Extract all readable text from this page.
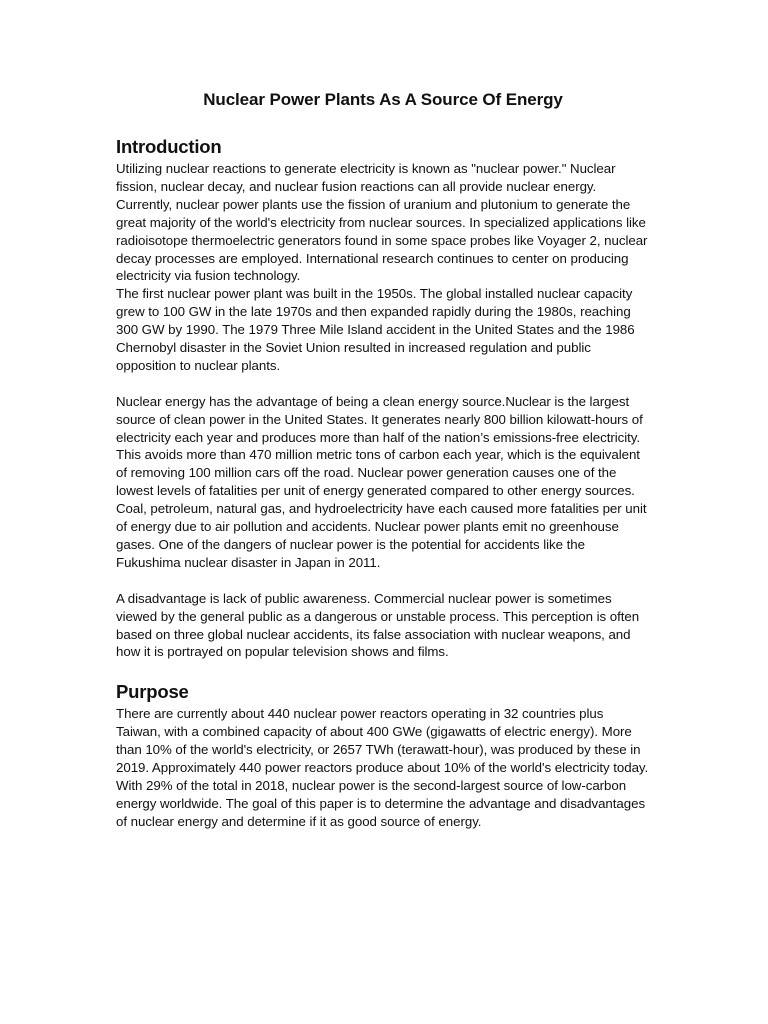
Nuclear Power Plants As A Source Of Energy
Introduction

Utilizing nuclear reactions to generate electricity is known as "nuclear power." Nuclear fission, nuclear decay, and nuclear fusion reactions can all provide nuclear energy. Currently, nuclear power plants use the fission of uranium and plutonium to generate the great majority of the world's electricity from nuclear sources. In specialized applications like radioisotope thermoelectric generators found in some space probes like Voyager 2, nuclear decay processes are employed. International research continues to center on producing electricity via fusion technology.

The first nuclear power plant was built in the 1950s. The global installed nuclear capacity grew to 100 GW in the late 1970s and then expanded rapidly during the 1980s, reaching 300 GW by 1990. The 1979 Three Mile Island accident in the United States and the 1986 Chernobyl disaster in the Soviet Union resulted in increased regulation and public opposition to nuclear plants.

Nuclear energy has the advantage of being a clean energy source.Nuclear is the largest source of clean power in the United States. It generates nearly 800 billion kilowatt-hours of electricity each year and produces more than half of the nation’s emissions-free electricity. This avoids more than 470 million metric tons of carbon each year, which is the equivalent of removing 100 million cars off the road. Nuclear power generation causes one of the lowest levels of fatalities per unit of energy generated compared to other energy sources. Coal, petroleum, natural gas, and hydroelectricity have each caused more fatalities per unit of energy due to air pollution and accidents. Nuclear power plants emit no greenhouse gases. One of the dangers of nuclear power is the potential for accidents like the Fukushima nuclear disaster in Japan in 2011.

A disadvantage is lack of public awareness. Commercial nuclear power is sometimes viewed by the general public as a dangerous or unstable process. This perception is often based on three global nuclear accidents, its false association with nuclear weapons, and how it is portrayed on popular television shows and films.

Purpose

There are currently about 440 nuclear power reactors operating in 32 countries plus Taiwan, with a combined capacity of about 400 GWe (gigawatts of electric energy). More than 10% of the world's electricity, or 2657 TWh (terawatt-hour), was produced by these in 2019. Approximately 440 power reactors produce about 10% of the world's electricity today. With 29% of the total in 2018, nuclear power is the second-largest source of low-carbon energy worldwide. The goal of this paper is to determine the advantage and disadvantages of nuclear energy and determine if it as good source of energy.
